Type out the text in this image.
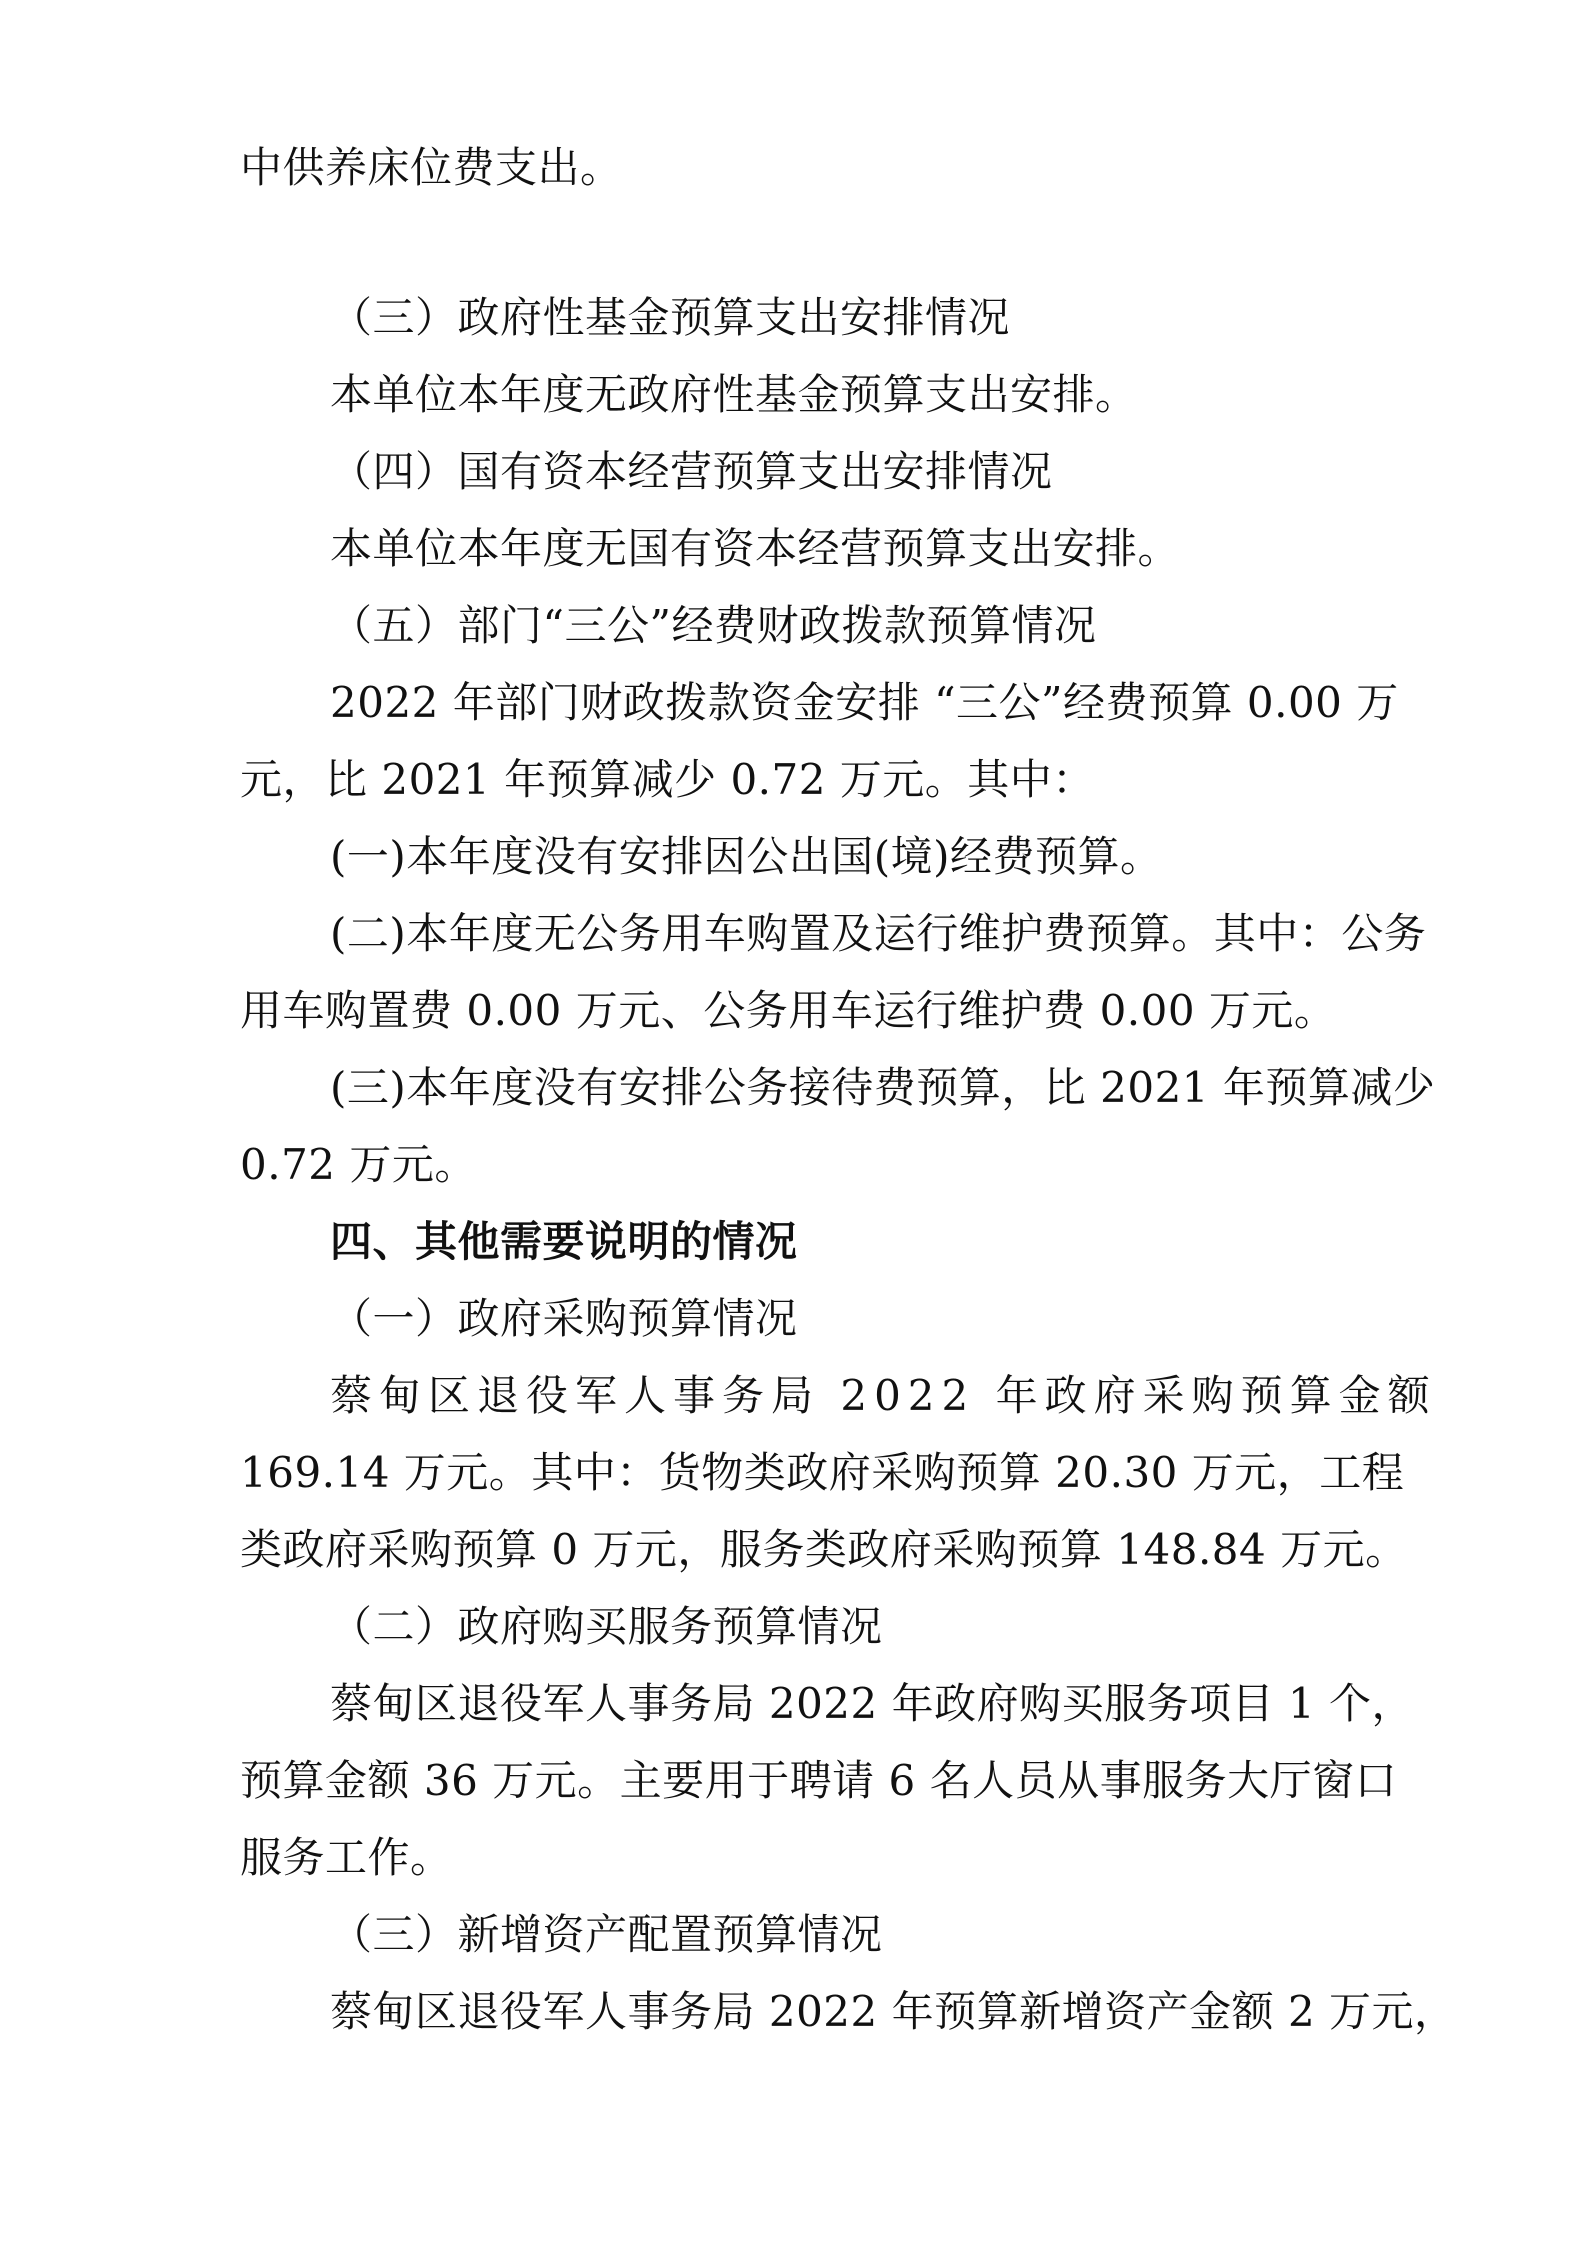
中供养床位费支出。
（三）政府性基金预算支出安排情况
本单位本年度无政府性基金预算支出安排。
（四）国有资本经营预算支出安排情况
本单位本年度无国有资本经营预算支出安排。
（五）部门“三公”经费财政拨款预算情况
2022 年部门财政拨款资金安排 “三公”经费预算 0.00 万
元，比 2021 年预算减少 0.72 万元。其中：
(一)本年度没有安排因公出国(境)经费预算。
(二)本年度无公务用车购置及运行维护费预算。其中：公务
用车购置费 0.00 万元、公务用车运行维护费 0.00 万元。
(三)本年度没有安排公务接待费预算，比 2021 年预算减少
0.72 万元。
四、其他需要说明的情况
（一）政府采购预算情况
蔡甸区退役军人事务局 2022 年政府采购预算金额
169.14 万元。其中：货物类政府采购预算 20.30 万元，工程
类政府采购预算 0 万元，服务类政府采购预算 148.84 万元。
（二）政府购买服务预算情况
蔡甸区退役军人事务局 2022 年政府购买服务项目 1 个，
预算金额 36 万元。主要用于聘请 6 名人员从事服务大厅窗口
服务工作。
（三）新增资产配置预算情况
蔡甸区退役军人事务局 2022 年预算新增资产金额 2 万元，
